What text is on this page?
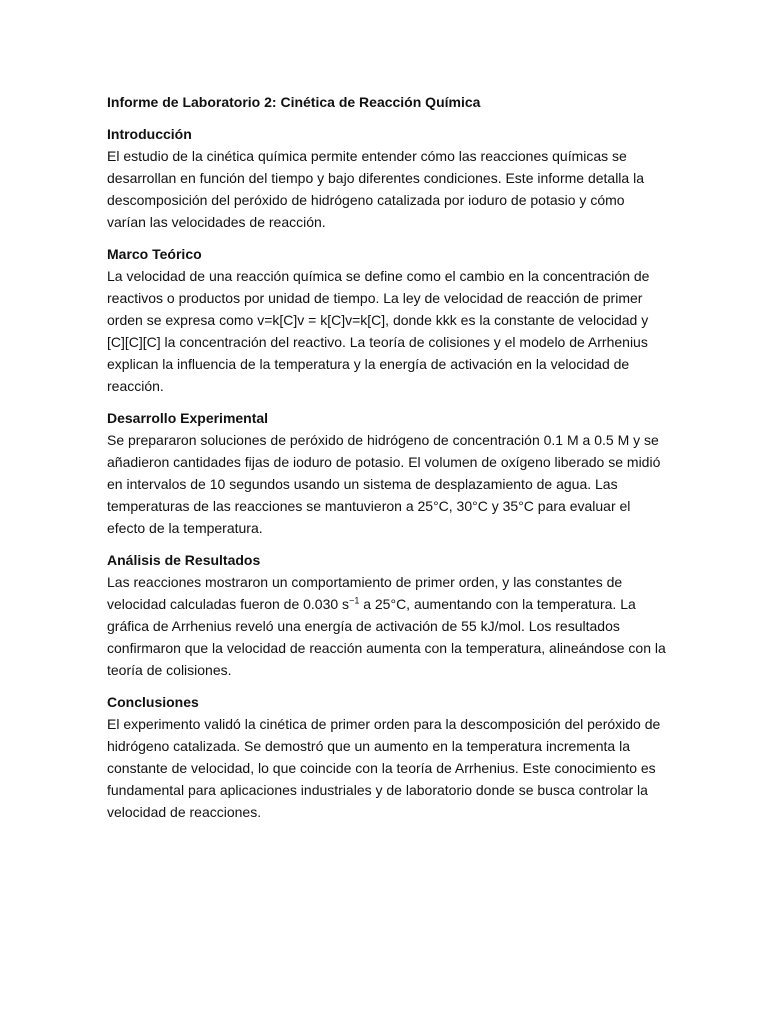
Informe de Laboratorio 2: Cinética de Reacción Química

Introducción

El estudio de la cinética química permite entender cómo las reacciones químicas se desarrollan en función del tiempo y bajo diferentes condiciones. Este informe detalla la descomposición del peróxido de hidrógeno catalizada por ioduro de potasio y cómo varían las velocidades de reacción.

Marco Teórico

La velocidad de una reacción química se define como el cambio en la concentración de reactivos o productos por unidad de tiempo. La ley de velocidad de reacción de primer orden se expresa como v=k[C]v = k[C]v=k[C], donde kkk es la constante de velocidad y [C][C][C] la concentración del reactivo. La teoría de colisiones y el modelo de Arrhenius explican la influencia de la temperatura y la energía de activación en la velocidad de reacción.

Desarrollo Experimental

Se prepararon soluciones de peróxido de hidrógeno de concentración 0.1 M a 0.5 M y se añadieron cantidades fijas de ioduro de potasio. El volumen de oxígeno liberado se midió en intervalos de 10 segundos usando un sistema de desplazamiento de agua. Las temperaturas de las reacciones se mantuvieron a 25°C, 30°C y 35°C para evaluar el efecto de la temperatura.

Análisis de Resultados

Las reacciones mostraron un comportamiento de primer orden, y las constantes de velocidad calculadas fueron de 0.030 $s^{-1}$ a 25°C, aumentando con la temperatura. La gráfica de Arrhenius reveló una energía de activación de 55 kJ/mol. Los resultados confirmaron que la velocidad de reacción aumenta con la temperatura, alineándose con la teoría de colisiones.

Conclusiones

El experimento validó la cinética de primer orden para la descomposición del peróxido de hidrógeno catalizada. Se demostró que un aumento en la temperatura incrementa la constante de velocidad, lo que coincide con la teoría de Arrhenius. Este conocimiento es fundamental para aplicaciones industriales y de laboratorio donde se busca controlar la velocidad de reacciones.
